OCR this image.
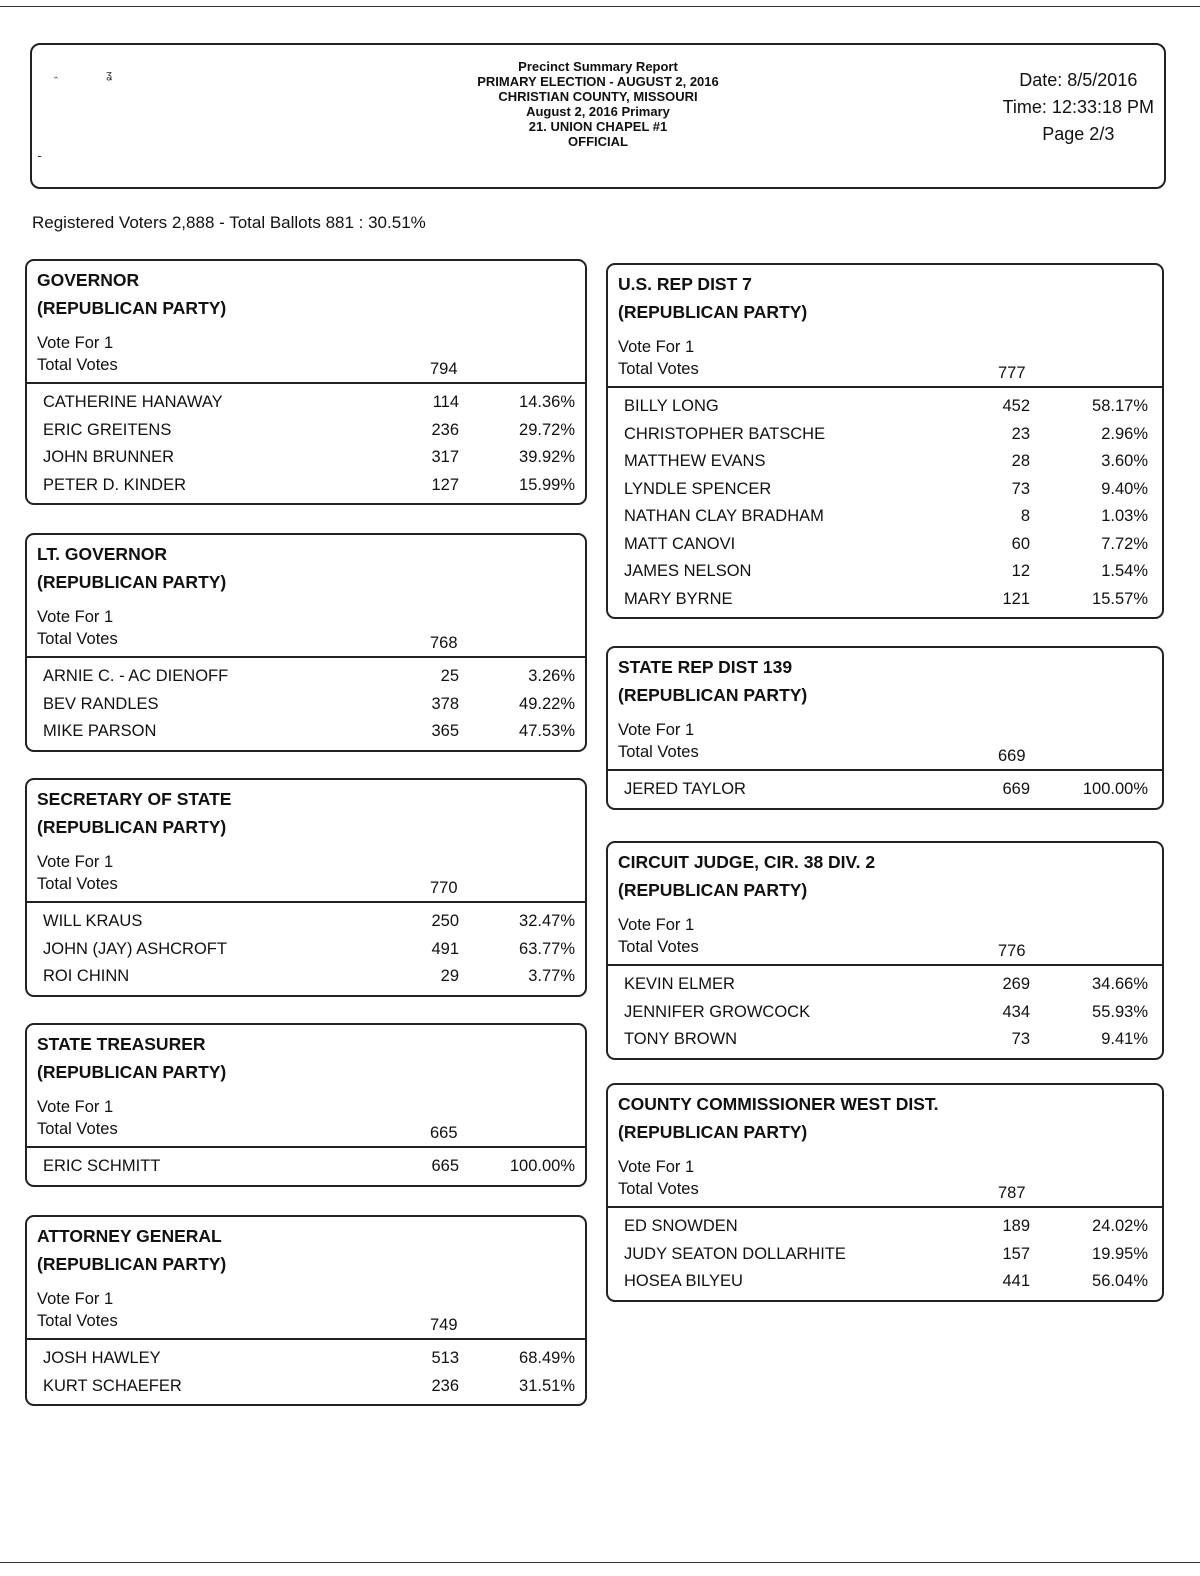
˵	ʓ
ـ
Precinct Summary Report
PRIMARY ELECTION - AUGUST 2, 2016
CHRISTIAN COUNTY, MISSOURI
August 2, 2016 Primary
21. UNION CHAPEL #1
OFFICIAL
Date: 8/5/2016
Time: 12:33:18 PM
Page 2/3
Registered Voters 2,888 - Total Ballots 881 : 30.51%
GOVERNOR
(REPUBLICAN PARTY)
Vote For 1
Total Votes	794
CATHERINE HANAWAY	114	14.36%
ERIC GREITENS	236	29.72%
JOHN BRUNNER	317	39.92%
PETER D. KINDER	127	15.99%
LT. GOVERNOR
(REPUBLICAN PARTY)
Vote For 1
Total Votes	768
ARNIE C. - AC DIENOFF	25	3.26%
BEV RANDLES	378	49.22%
MIKE PARSON	365	47.53%
SECRETARY OF STATE
(REPUBLICAN PARTY)
Vote For 1
Total Votes	770
WILL KRAUS	250	32.47%
JOHN (JAY) ASHCROFT	491	63.77%
ROI CHINN	29	3.77%
STATE TREASURER
(REPUBLICAN PARTY)
Vote For 1
Total Votes	665
ERIC SCHMITT	665	100.00%
ATTORNEY GENERAL
(REPUBLICAN PARTY)
Vote For 1
Total Votes	749
JOSH HAWLEY	513	68.49%
KURT SCHAEFER	236	31.51%
U.S. REP DIST 7
(REPUBLICAN PARTY)
Vote For 1
Total Votes	777
BILLY LONG	452	58.17%
CHRISTOPHER BATSCHE	23	2.96%
MATTHEW EVANS	28	3.60%
LYNDLE SPENCER	73	9.40%
NATHAN CLAY BRADHAM	8	1.03%
MATT CANOVI	60	7.72%
JAMES NELSON	12	1.54%
MARY BYRNE	121	15.57%
STATE REP DIST 139
(REPUBLICAN PARTY)
Vote For 1
Total Votes	669
JERED TAYLOR	669	100.00%
CIRCUIT JUDGE, CIR. 38 DIV. 2
(REPUBLICAN PARTY)
Vote For 1
Total Votes	776
KEVIN ELMER	269	34.66%
JENNIFER GROWCOCK	434	55.93%
TONY BROWN	73	9.41%
COUNTY COMMISSIONER WEST DIST.
(REPUBLICAN PARTY)
Vote For 1
Total Votes	787
ED SNOWDEN	189	24.02%
JUDY SEATON DOLLARHITE	157	19.95%
HOSEA BILYEU	441	56.04%
